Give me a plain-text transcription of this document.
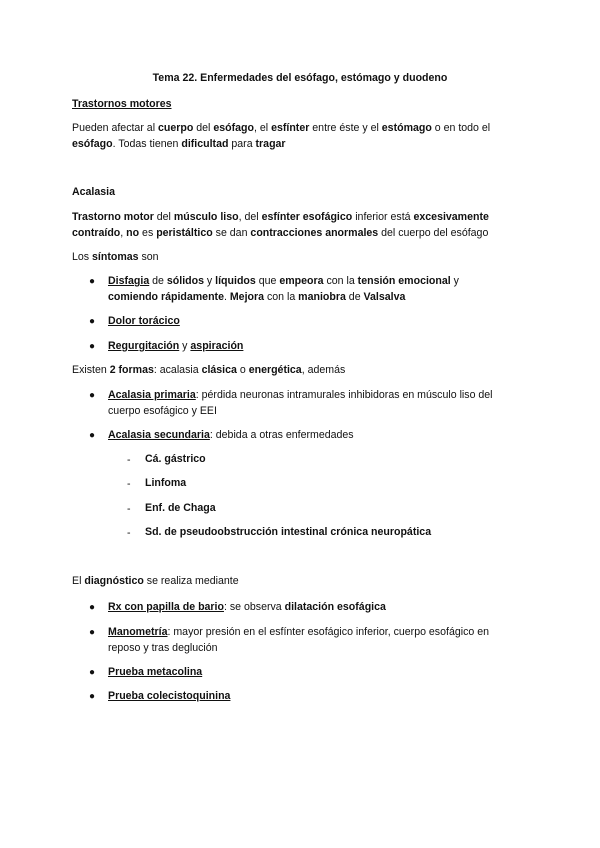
Tema 22. Enfermedades del esófago, estómago y duodeno
Trastornos motores
Pueden afectar al cuerpo del esófago, el esfínter entre éste y el estómago o en todo el
esófago. Todas tienen dificultad para tragar
Acalasia
Trastorno motor del músculo liso, del esfínter esofágico inferior está excesivamente
contraído, no es peristáltico se dan contracciones anormales del cuerpo del esófago
Los síntomas son
● Disfagia de sólidos y líquidos que empeora con la tensión emocional y
comiendo rápidamente. Mejora con la maniobra de Valsalva
● Dolor torácico
● Regurgitación y aspiración
Existen 2 formas: acalasia clásica o energética, además
● Acalasia primaria: pérdida neuronas intramurales inhibidoras en músculo liso del
cuerpo esofágico y EEI
● Acalasia secundaria: debida a otras enfermedades
- Cá. gástrico
- Linfoma
- Enf. de Chaga
- Sd. de pseudoobstrucción intestinal crónica neuropática
El diagnóstico se realiza mediante
● Rx con papilla de bario: se observa dilatación esofágica
● Manometría: mayor presión en el esfínter esofágico inferior, cuerpo esofágico en
reposo y tras deglución
● Prueba metacolina
● Prueba colecistoquinina
